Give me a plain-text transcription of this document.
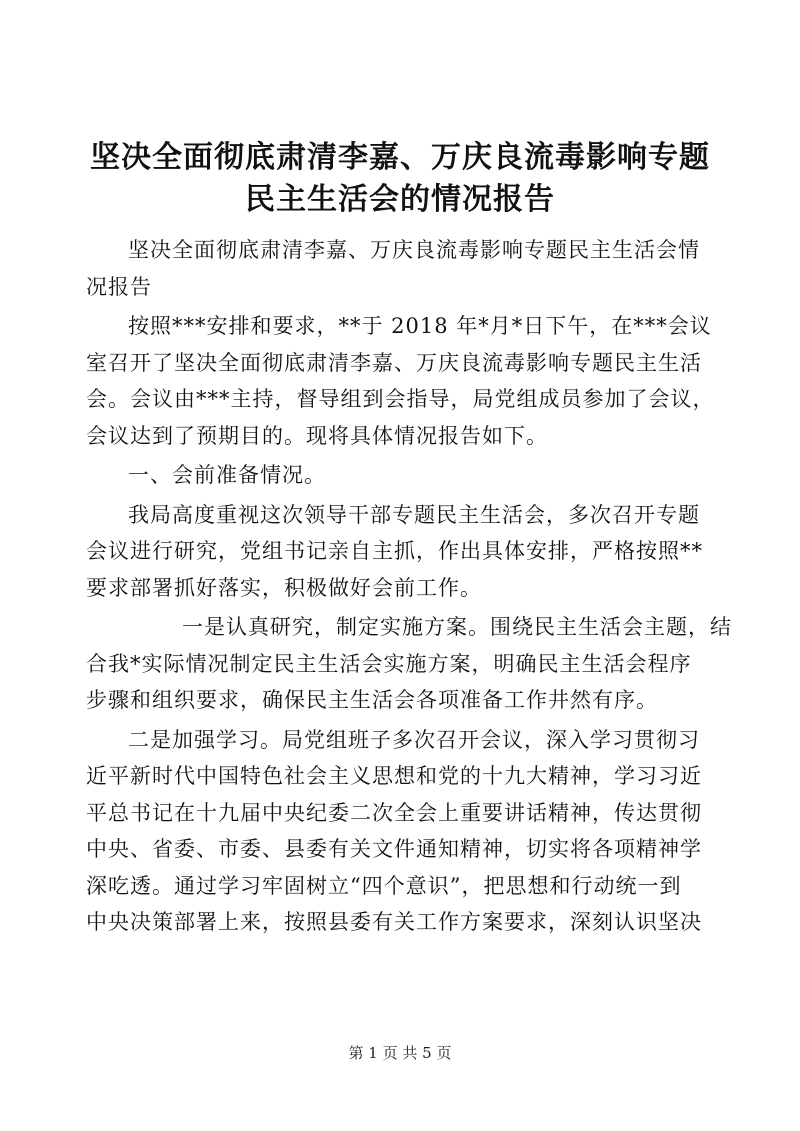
坚决全面彻底肃清李嘉、万庆良流毒影响专题
民主生活会的情况报告

坚决全面彻底肃清李嘉、万庆良流毒影响专题民主生活会情
况报告

按照***安排和要求，**于 2018 年*月*日下午，在***会议
室召开了坚决全面彻底肃清李嘉、万庆良流毒影响专题民主生活
会。会议由***主持，督导组到会指导，局党组成员参加了会议，
会议达到了预期目的。现将具体情况报告如下。

一、会前准备情况。

我局高度重视这次领导干部专题民主生活会，多次召开专题
会议进行研究，党组书记亲自主抓，作出具体安排，严格按照**
要求部署抓好落实，积极做好会前工作。

一是认真研究，制定实施方案。围绕民主生活会主题，结
合我*实际情况制定民主生活会实施方案，明确民主生活会程序
步骤和组织要求，确保民主生活会各项准备工作井然有序。

二是加强学习。局党组班子多次召开会议，深入学习贯彻习
近平新时代中国特色社会主义思想和党的十九大精神，学习习近
平总书记在十九届中央纪委二次全会上重要讲话精神，传达贯彻
中央、省委、市委、县委有关文件通知精神，切实将各项精神学
深吃透。通过学习牢固树立“四个意识”，把思想和行动统一到
中央决策部署上来，按照县委有关工作方案要求，深刻认识坚决

第 1 页 共 5 页
